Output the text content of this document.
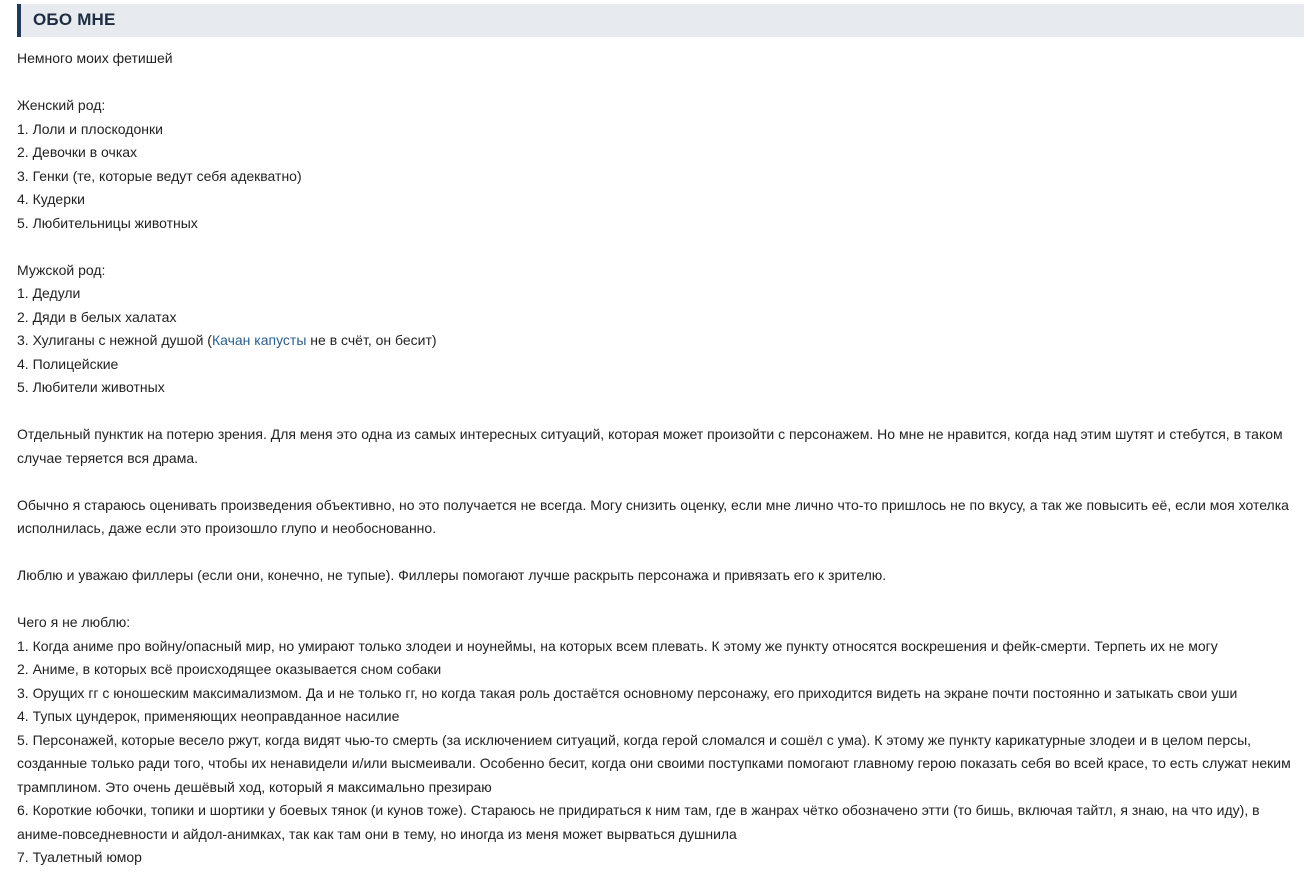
ОБО МНЕ

Немного моих фетишей

Женский род:

1. Лоли и плоскодонки

2. Девочки в очках

3. Генки (те, которые ведут себя адекватно)

4. Кудерки

5. Любительницы животных

Мужской род:

1. Дедули

2. Дяди в белых халатах

3. Хулиганы с нежной душой (Качан капусты не в счёт, он бесит)

4. Полицейские

5. Любители животных

Отдельный пунктик на потерю зрения. Для меня это одна из самых интересных ситуаций, которая может произойти с персонажем. Но мне не нравится, когда над этим шутят и стебутся, в таком случае теряется вся драма.

Обычно я стараюсь оценивать произведения объективно, но это получается не всегда. Могу снизить оценку, если мне лично что-то пришлось не по вкусу, а так же повысить её, если моя хотелка исполнилась, даже если это произошло глупо и необоснованно.

Люблю и уважаю филлеры (если они, конечно, не тупые). Филлеры помогают лучше раскрыть персонажа и привязать его к зрителю.

Чего я не люблю:

1. Когда аниме про войну/опасный мир, но умирают только злодеи и ноунеймы, на которых всем плевать. К этому же пункту относятся воскрешения и фейк-смерти. Терпеть их не могу

2. Аниме, в которых всё происходящее оказывается сном собаки

3. Орущих гг с юношеским максимализмом. Да и не только гг, но когда такая роль достаётся основному персонажу, его приходится видеть на экране почти постоянно и затыкать свои уши

4. Тупых цундерок, применяющих неоправданное насилие

5. Персонажей, которые весело ржут, когда видят чью-то смерть (за исключением ситуаций, когда герой сломался и сошёл с ума). К этому же пункту карикатурные злодеи и в целом персы, созданные только ради того, чтобы их ненавидели и/или высмеивали. Особенно бесит, когда они своими поступками помогают главному герою показать себя во всей красе, то есть служат неким трамплином. Это очень дешёвый ход, который я максимально презираю

6. Короткие юбочки, топики и шортики у боевых тянок (и кунов тоже). Стараюсь не придираться к ним там, где в жанрах чётко обозначено этти (то бишь, включая тайтл, я знаю, на что иду), в аниме-повседневности и айдол-анимках, так как там они в тему, но иногда из меня может вырваться душнила

7. Туалетный юмор
